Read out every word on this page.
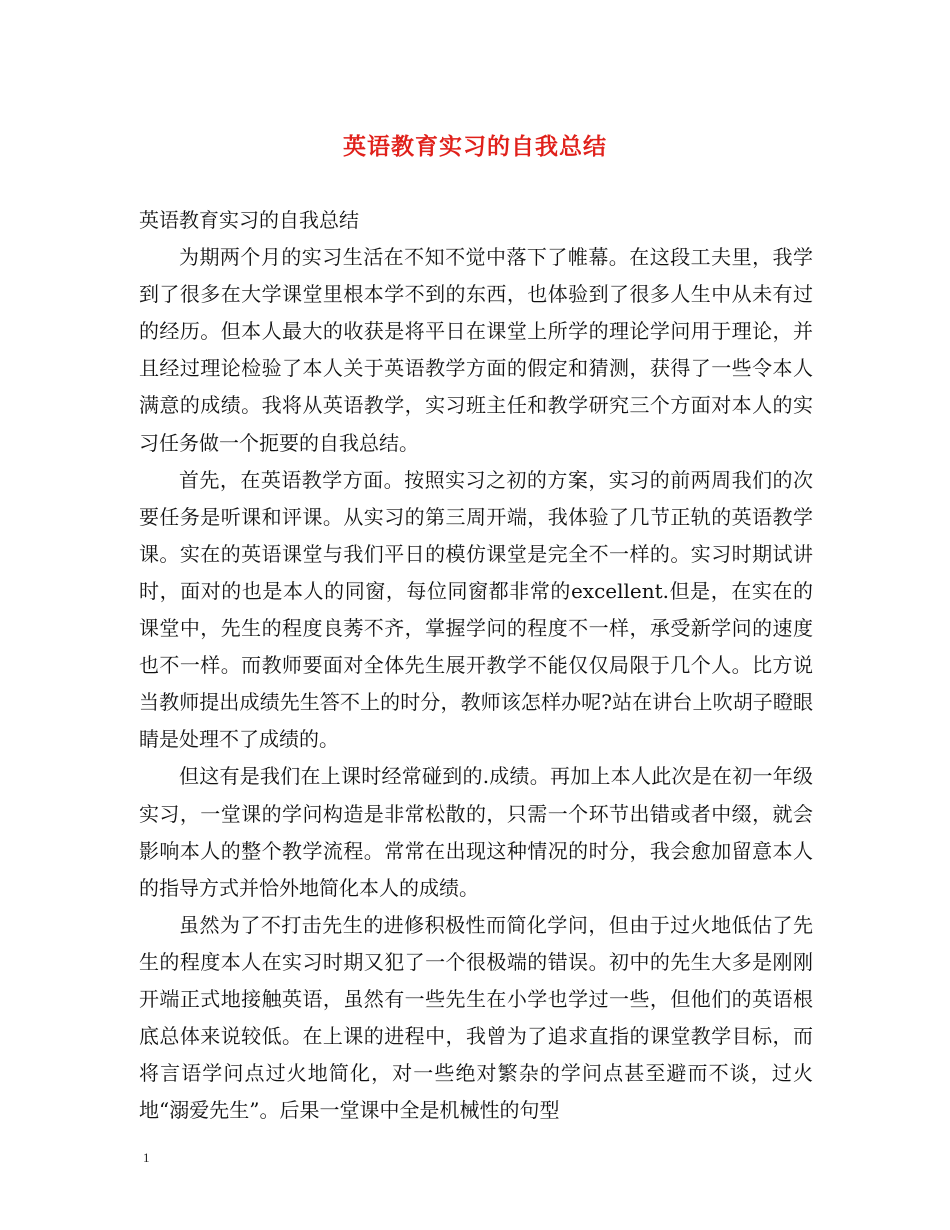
英语教育实习的自我总结

英语教育实习的自我总结

为期两个月的实习生活在不知不觉中落下了帷幕。在这段工夫里，我学到了很多在大学课堂里根本学不到的东西，也体验到了很多人生中从未有过的经历。但本人最大的收获是将平日在课堂上所学的理论学问用于理论，并且经过理论检验了本人关于英语教学方面的假定和猜测，获得了一些令本人满意的成绩。我将从英语教学，实习班主任和教学研究三个方面对本人的实习任务做一个扼要的自我总结。

首先，在英语教学方面。按照实习之初的方案，实习的前两周我们的次要任务是听课和评课。从实习的第三周开端，我体验了几节正轨的英语教学课。实在的英语课堂与我们平日的模仿课堂是完全不一样的。实习时期试讲时，面对的也是本人的同窗，每位同窗都非常的excellent.但是，在实在的课堂中，先生的程度良莠不齐，掌握学问的程度不一样，承受新学问的速度也不一样。而教师要面对全体先生展开教学不能仅仅局限于几个人。比方说当教师提出成绩先生答不上的时分，教师该怎样办呢?站在讲台上吹胡子瞪眼睛是处理不了成绩的。

但这有是我们在上课时经常碰到的.成绩。再加上本人此次是在初一年级实习，一堂课的学问构造是非常松散的，只需一个环节出错或者中缀，就会影响本人的整个教学流程。常常在出现这种情况的时分，我会愈加留意本人的指导方式并恰外地简化本人的成绩。

虽然为了不打击先生的进修积极性而简化学问，但由于过火地低估了先生的程度本人在实习时期又犯了一个很极端的错误。初中的先生大多是刚刚开端正式地接触英语，虽然有一些先生在小学也学过一些，但他们的英语根底总体来说较低。在上课的进程中，我曾为了追求直指的课堂教学目标，而将言语学问点过火地简化，对一些绝对繁杂的学问点甚至避而不谈，过火地“溺爱先生”。后果一堂课中全是机械性的句型

1
